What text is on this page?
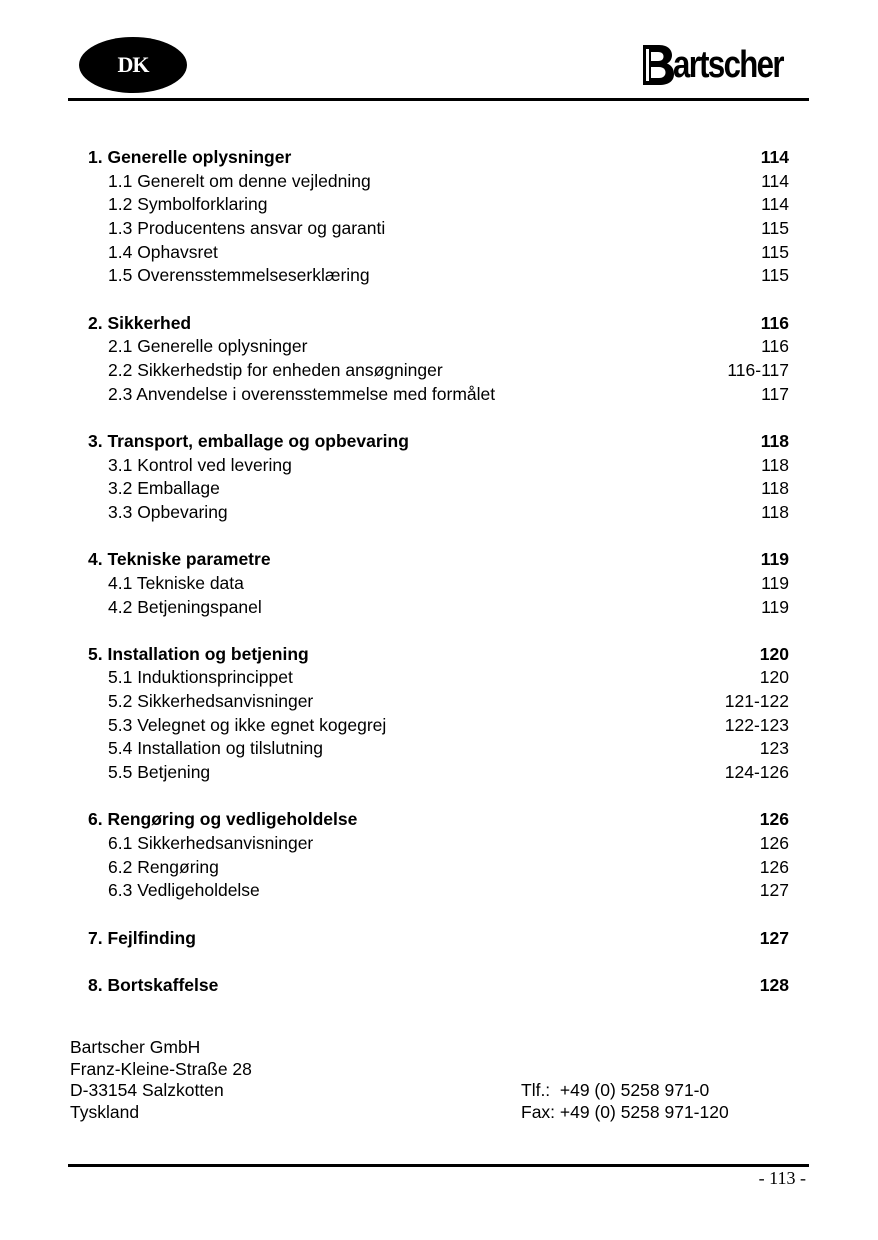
DK	artscher
1. Generelle oplysninger	114
1.1 Generelt om denne vejledning	114
1.2 Symbolforklaring	114
1.3 Producentens ansvar og garanti	115
1.4 Ophavsret	115
1.5 Overensstemmelseserklæring	115
2. Sikkerhed	116
2.1 Generelle oplysninger	116
2.2 Sikkerhedstip for enheden ansøgninger	116-117
2.3 Anvendelse i overensstemmelse med formålet	117
3. Transport, emballage og opbevaring	118
3.1 Kontrol ved levering	118
3.2 Emballage	118
3.3 Opbevaring	118
4. Tekniske parametre	119
4.1 Tekniske data	119
4.2 Betjeningspanel	119
5. Installation og betjening	120
5.1 Induktionsprincippet	120
5.2 Sikkerhedsanvisninger	121-122
5.3 Velegnet og ikke egnet kogegrej	122-123
5.4 Installation og tilslutning	123
5.5 Betjening	124-126
6. Rengøring og vedligeholdelse	126
6.1 Sikkerhedsanvisninger	126
6.2 Rengøring	126
6.3 Vedligeholdelse	127
7. Fejlfinding	127
8. Bortskaffelse	128
Bartscher GmbH
Franz-Kleine-Straße 28
D-33154 Salzkotten
Tyskland
Tlf.:  +49 (0) 5258 971-0
Fax: +49 (0) 5258 971-120
- 113 -
